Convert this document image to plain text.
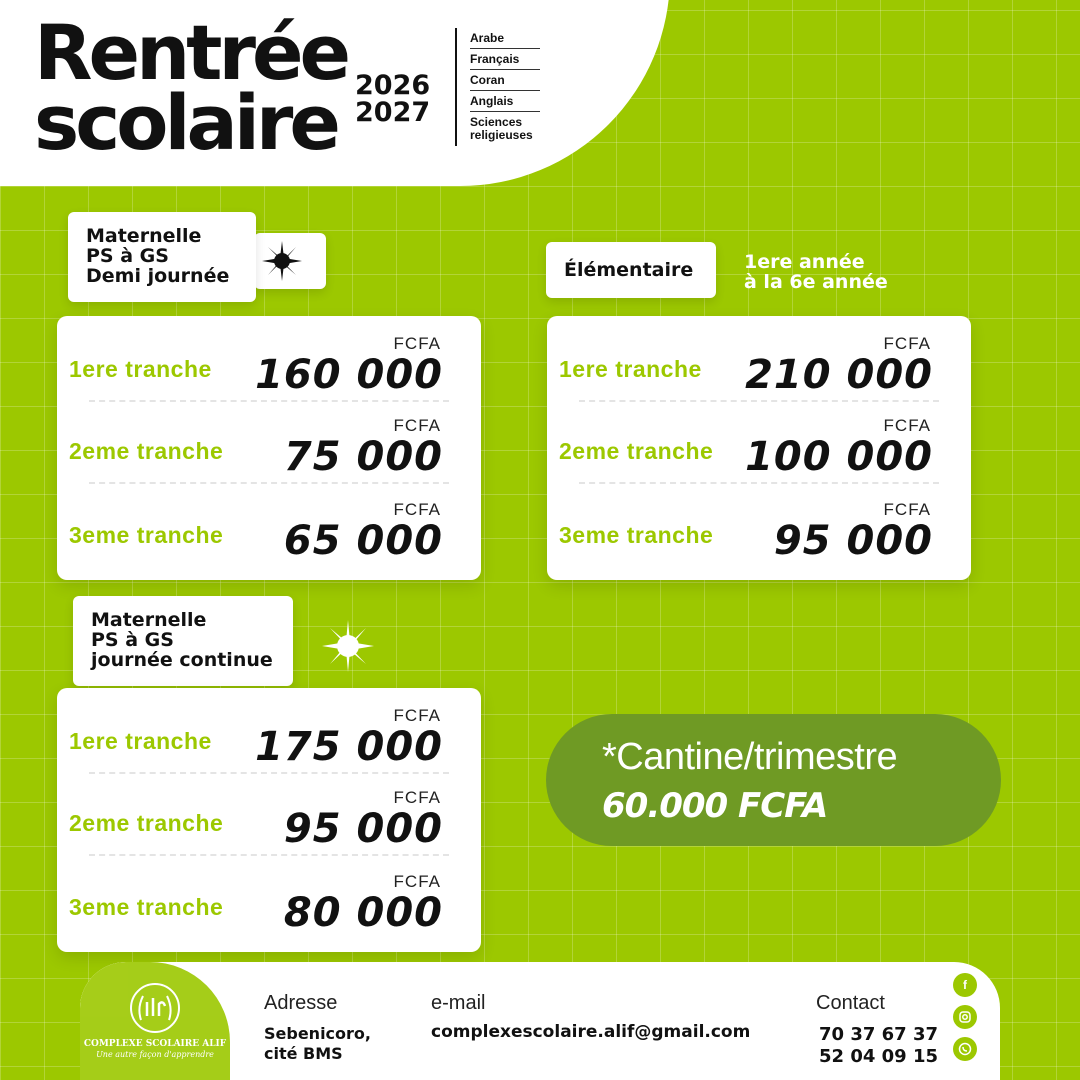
Rentrée
scolaire 2026
2027
Arabe
Français
Coran
Anglais
Sciences religieuses
Maternelle
PS à GS
Demi journée
1ere tranche
FCFA
160 000
2eme tranche
FCFA
75 000
3eme tranche
FCFA
65 000
Élémentaire	1ere année
à la 6e année
1ere tranche
FCFA
210 000
2eme tranche
FCFA
100 000
3eme tranche
FCFA
95 000
Maternelle
PS à GS
journée continue
1ere tranche
FCFA
175 000
2eme tranche
FCFA
95 000
3eme tranche
FCFA
80 000
*Cantine/trimestre
60.000 FCFA
COMPLEXE SCOLAIRE ALIF
Une autre façon d'apprendre
Adresse
Sebenicoro,
cité BMS
e-mail
complexescolaire.alif@gmail.com
Contact
70 37 67 37
52 04 09 15
f
